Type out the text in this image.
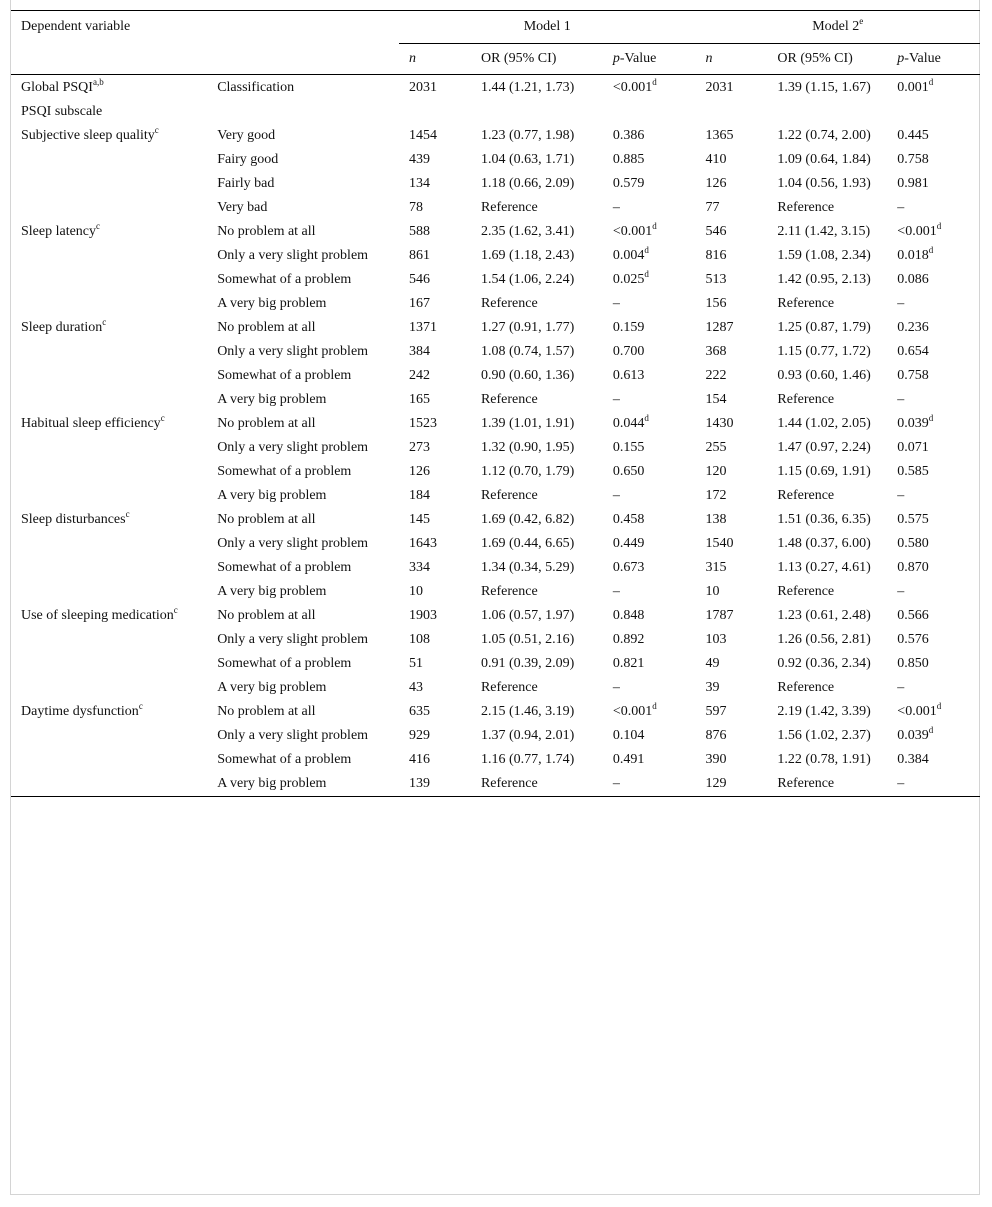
Dependent variable		Model 1			Model 2e
		n	OR (95% CI)	p-Value	n	OR (95% CI)	p-Value
Global PSQI$^{a,b}$	Classification	2031	1.44 (1.21, 1.73)	<0.001$^d$	2031	1.39 (1.15, 1.67)	0.001$^d$
PSQI subscale							
Subjective sleep quality$^c$	Very good	1454	1.23 (0.77, 1.98)	0.386	1365	1.22 (0.74, 2.00)	0.445
	Fairy good	439	1.04 (0.63, 1.71)	0.885	410	1.09 (0.64, 1.84)	0.758
	Fairly bad	134	1.18 (0.66, 2.09)	0.579	126	1.04 (0.56, 1.93)	0.981
	Very bad	78	Reference	–	77	Reference	–
Sleep latency$^c$	No problem at all	588	2.35 (1.62, 3.41)	<0.001$^d$	546	2.11 (1.42, 3.15)	<0.001$^d$
	Only a very slight problem	861	1.69 (1.18, 2.43)	0.004$^d$	816	1.59 (1.08, 2.34)	0.018$^d$
	Somewhat of a problem	546	1.54 (1.06, 2.24)	0.025$^d$	513	1.42 (0.95, 2.13)	0.086
	A very big problem	167	Reference	–	156	Reference	–
Sleep duration$^c$	No problem at all	1371	1.27 (0.91, 1.77)	0.159	1287	1.25 (0.87, 1.79)	0.236
	Only a very slight problem	384	1.08 (0.74, 1.57)	0.700	368	1.15 (0.77, 1.72)	0.654
	Somewhat of a problem	242	0.90 (0.60, 1.36)	0.613	222	0.93 (0.60, 1.46)	0.758
	A very big problem	165	Reference	–	154	Reference	–
Habitual sleep efficiency$^c$	No problem at all	1523	1.39 (1.01, 1.91)	0.044$^d$	1430	1.44 (1.02, 2.05)	0.039$^d$
	Only a very slight problem	273	1.32 (0.90, 1.95)	0.155	255	1.47 (0.97, 2.24)	0.071
	Somewhat of a problem	126	1.12 (0.70, 1.79)	0.650	120	1.15 (0.69, 1.91)	0.585
	A very big problem	184	Reference	–	172	Reference	–
Sleep disturbances$^c$	No problem at all	145	1.69 (0.42, 6.82)	0.458	138	1.51 (0.36, 6.35)	0.575
	Only a very slight problem	1643	1.69 (0.44, 6.65)	0.449	1540	1.48 (0.37, 6.00)	0.580
	Somewhat of a problem	334	1.34 (0.34, 5.29)	0.673	315	1.13 (0.27, 4.61)	0.870
	A very big problem	10	Reference	–	10	Reference	–
Use of sleeping medication$^c$	No problem at all	1903	1.06 (0.57, 1.97)	0.848	1787	1.23 (0.61, 2.48)	0.566
	Only a very slight problem	108	1.05 (0.51, 2.16)	0.892	103	1.26 (0.56, 2.81)	0.576
	Somewhat of a problem	51	0.91 (0.39, 2.09)	0.821	49	0.92 (0.36, 2.34)	0.850
	A very big problem	43	Reference	–	39	Reference	–
Daytime dysfunction$^c$	No problem at all	635	2.15 (1.46, 3.19)	<0.001$^d$	597	2.19 (1.42, 3.39)	<0.001$^d$
	Only a very slight problem	929	1.37 (0.94, 2.01)	0.104	876	1.56 (1.02, 2.37)	0.039$^d$
	Somewhat of a problem	416	1.16 (0.77, 1.74)	0.491	390	1.22 (0.78, 1.91)	0.384
	A very big problem	139	Reference	–	129	Reference	–
